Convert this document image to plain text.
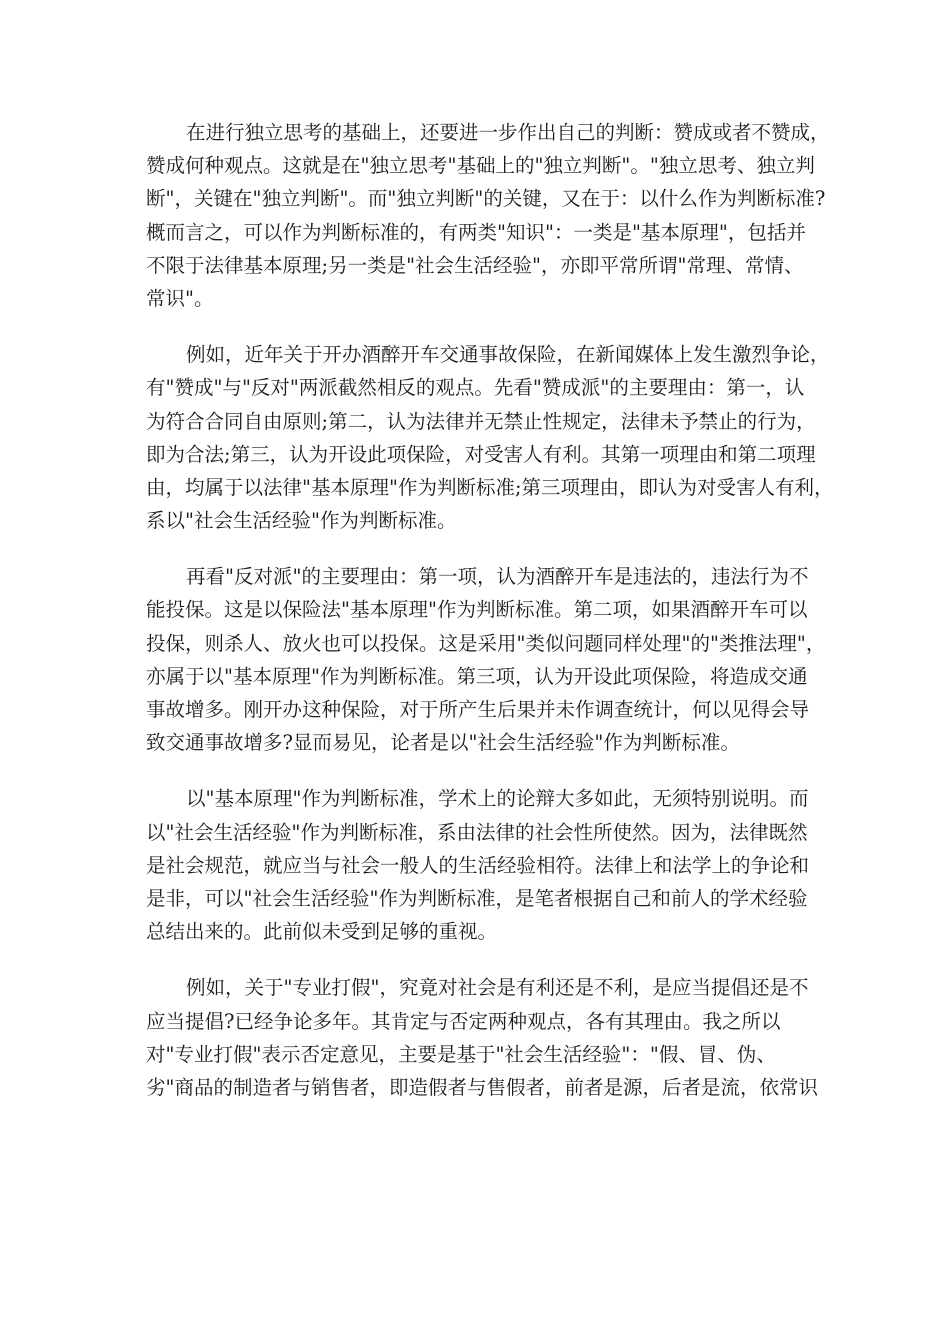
在进行独立思考的基础上，还要进一步作出自己的判断：赞成或者不赞成，
赞成何种观点。这就是在"独立思考"基础上的"独立判断"。"独立思考、独立判
断"，关键在"独立判断"。而"独立判断"的关键，又在于：以什么作为判断标准?
概而言之，可以作为判断标准的，有两类"知识"：一类是"基本原理"，包括并
不限于法律基本原理;另一类是"社会生活经验"，亦即平常所谓"常理、常情、
常识"。
例如，近年关于开办酒醉开车交通事故保险，在新闻媒体上发生激烈争论，
有"赞成"与"反对"两派截然相反的观点。先看"赞成派"的主要理由：第一，认
为符合合同自由原则;第二，认为法律并无禁止性规定，法律未予禁止的行为，
即为合法;第三，认为开设此项保险，对受害人有利。其第一项理由和第二项理
由，均属于以法律"基本原理"作为判断标准;第三项理由，即认为对受害人有利，
系以"社会生活经验"作为判断标准。
再看"反对派"的主要理由：第一项，认为酒醉开车是违法的，违法行为不
能投保。这是以保险法"基本原理"作为判断标准。第二项，如果酒醉开车可以
投保，则杀人、放火也可以投保。这是采用"类似问题同样处理"的"类推法理"，
亦属于以"基本原理"作为判断标准。第三项，认为开设此项保险，将造成交通
事故增多。刚开办这种保险，对于所产生后果并未作调查统计，何以见得会导
致交通事故增多?显而易见，论者是以"社会生活经验"作为判断标准。
以"基本原理"作为判断标准，学术上的论辩大多如此，无须特别说明。而
以"社会生活经验"作为判断标准，系由法律的社会性所使然。因为，法律既然
是社会规范，就应当与社会一般人的生活经验相符。法律上和法学上的争论和
是非，可以"社会生活经验"作为判断标准，是笔者根据自己和前人的学术经验
总结出来的。此前似未受到足够的重视。
例如，关于"专业打假"，究竟对社会是有利还是不利，是应当提倡还是不
应当提倡?已经争论多年。其肯定与否定两种观点，各有其理由。我之所以
对"专业打假"表示否定意见，主要是基于"社会生活经验"："假、冒、伪、
劣"商品的制造者与销售者，即造假者与售假者，前者是源，后者是流，依常识
